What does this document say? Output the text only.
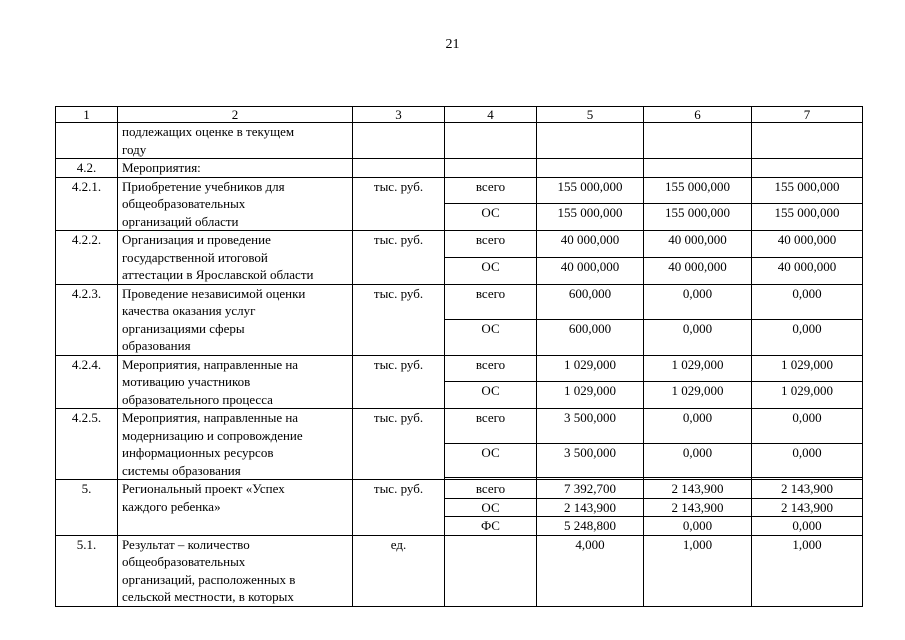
21
1	2	3	4	5	6	7

	подлежащих оценке в текущем
году					

4.2.	Мероприятия:					

4.2.1.	Приобретение учебников для
общеобразовательных
организаций области	тыс. руб.	всего	155 000,000	155 000,000	155 000,000
			ОС	155 000,000	155 000,000	155 000,000
4.2.2.	Организация и проведение
государственной итоговой
аттестации в Ярославской области	тыс. руб.	всего	40 000,000	40 000,000	40 000,000
			ОС	40 000,000	40 000,000	40 000,000
4.2.3.	Проведение независимой оценки
качества оказания услуг
организациями сферы
образования	тыс. руб.	всего	600,000	0,000	0,000
			ОС	600,000	0,000	0,000
4.2.4.	Мероприятия, направленные на
мотивацию участников
образовательного процесса	тыс. руб.	всего	1 029,000	1 029,000	1 029,000
			ОС	1 029,000	1 029,000	1 029,000
4.2.5.	Мероприятия, направленные на
модернизацию и сопровождение
информационных ресурсов
системы образования	тыс. руб.	всего	3 500,000	0,000	0,000
			ОС	3 500,000	0,000	0,000

5.	Региональный проект «Успех
каждого ребенка»	тыс. руб.	всего	7 392,700	2 143,900	2 143,900
			ОС	2 143,900	2 143,900	2 143,900
			ФС	5 248,800	0,000	0,000
5.1.	Результат – количество
общеобразовательных
организаций, расположенных в
сельской местности, в которых	ед.		4,000	1,000	1,000
